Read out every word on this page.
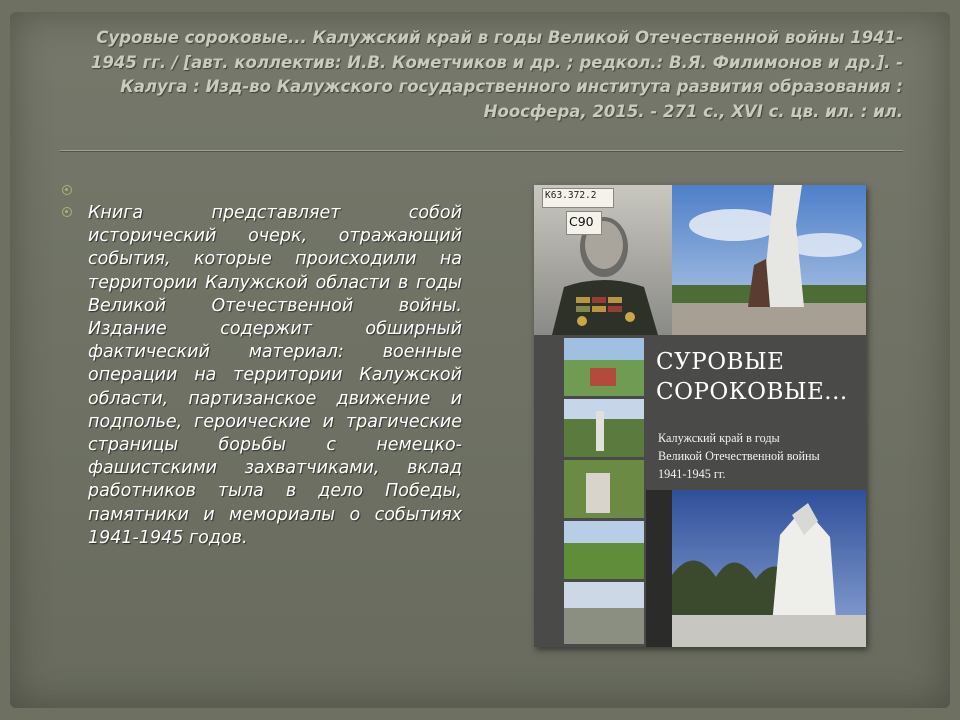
Суровые сороковые... Калужский край в годы Великой Отечественной войны 1941-1945 гг. / [авт. коллектив: И.В. Кометчиков и др. ; редкол.: В.Я. Филимонов и др.]. - Калуга : Изд-во Калужского государственного института развития образования : Ноосфера, 2015. - 271 с., XVI с. цв. ил. : ил.

Книга представляет собой исторический очерк, отражающий события, которые происходили на территории Калужской области в годы Великой Отечественной войны. Издание содержит обширный фактический материал: военные операции на территории Калужской области, партизанское движение и подполье, героические и трагические страницы борьбы с немецко-фашистскими захватчиками, вклад работников тыла в дело Победы, памятники и мемориалы о событиях 1941-1945 годов.

СУРОВЫЕ
СОРОКОВЫЕ...

Калужский край в годы
Великой Отечественной войны
1941-1945 гг.

К63.372.2

С90
